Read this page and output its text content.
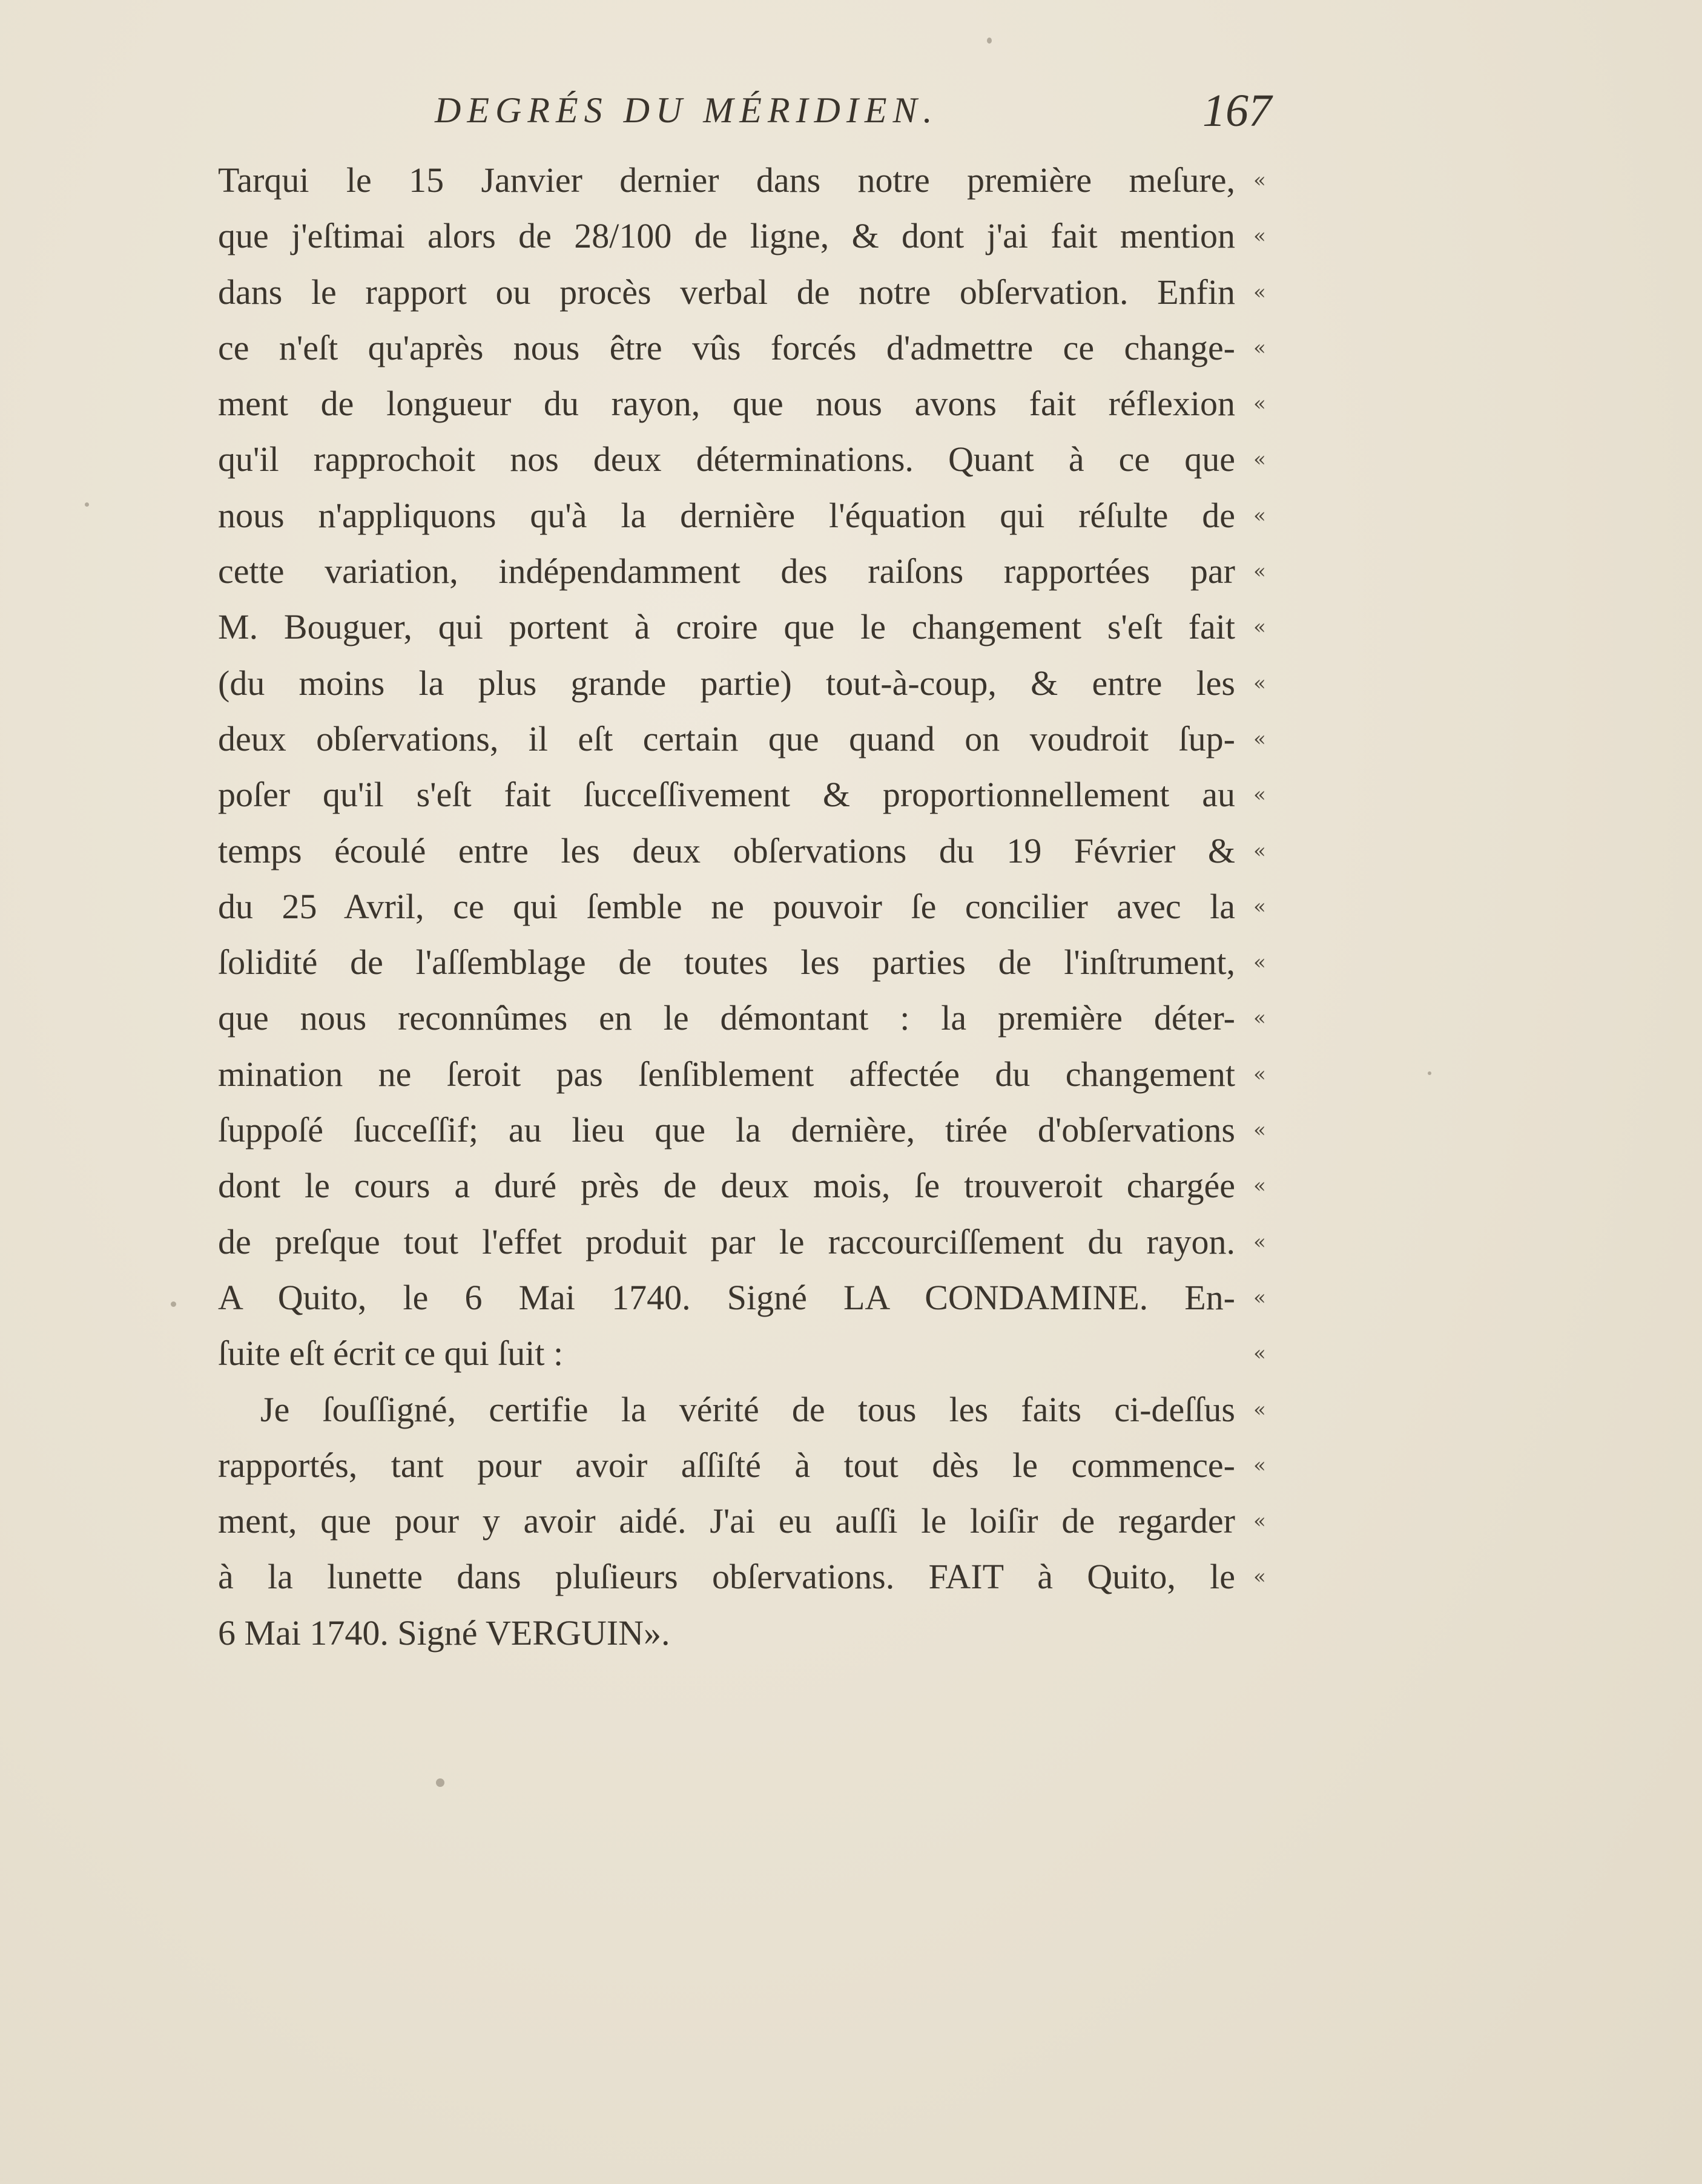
DEGRÉS DU MÉRIDIEN.	167
Tarqui le 15 Janvier dernier dans notre première meſure,
que j'eſtimai alors de 28/100 de ligne, & dont j'ai fait mention
dans le rapport ou procès verbal de notre obſervation. Enfin
ce n'eſt qu'après nous être vûs forcés d'admettre ce change-
ment de longueur du rayon, que nous avons fait réflexion
qu'il rapprochoit nos deux déterminations. Quant à ce que
nous n'appliquons qu'à la dernière l'équation qui réſulte de
cette variation, indépendamment des raiſons rapportées par
M. Bouguer, qui portent à croire que le changement s'eſt fait
(du moins la plus grande partie) tout-à-coup, & entre les
deux obſervations, il eſt certain que quand on voudroit ſup-
poſer qu'il s'eſt fait ſucceſſivement & proportionnellement au
temps écoulé entre les deux obſervations du 19 Février &
du 25 Avril, ce qui ſemble ne pouvoir ſe concilier avec la
ſolidité de l'aſſemblage de toutes les parties de l'inſtrument,
que nous reconnûmes en le démontant : la première déter-
mination ne ſeroit pas ſenſiblement affectée du changement
ſuppoſé ſucceſſif; au lieu que la dernière, tirée d'obſervations
dont le cours a duré près de deux mois, ſe trouveroit chargée
de preſque tout l'effet produit par le raccourciſſement du rayon.
A Quito, le 6 Mai 1740. Signé LA CONDAMINE. En-
ſuite eſt écrit ce qui ſuit :
Je ſouſſigné, certifie la vérité de tous les faits ci-deſſus
rapportés, tant pour avoir aſſiſté à tout dès le commence-
ment, que pour y avoir aidé. J'ai eu auſſi le loiſir de regarder
à la lunette dans pluſieurs obſervations. FAIT à Quito, le
6 Mai 1740. Signé VERGUIN».
«
«
«
«
«
«
«
«
«
«
«
«
«
«
«
«
«
«
«
«
«
«
«
«
«
«
